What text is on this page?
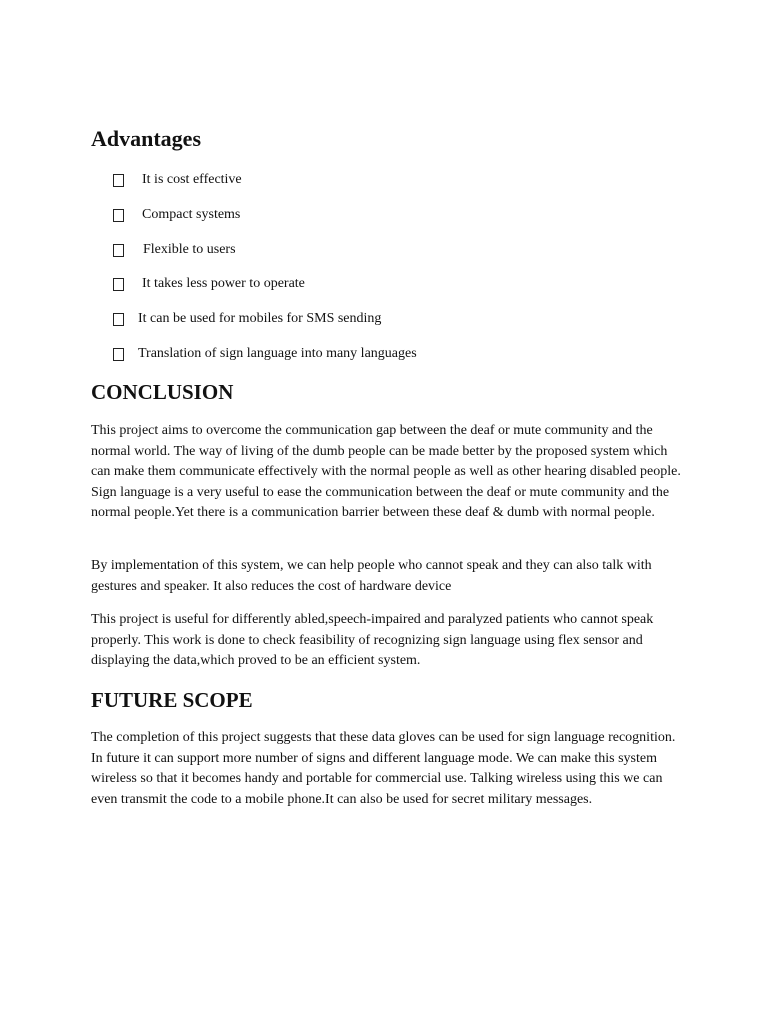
Advantages
It is cost effective
Compact systems
Flexible to users
It takes less power to operate
It can be used for mobiles for SMS sending
Translation of sign language into many languages
CONCLUSION

This project aims to overcome the communication gap between the deaf or mute community and the normal world. The way of living of the dumb people can be made better by the proposed system which can make them communicate effectively with the normal people as well as other hearing disabled people. Sign language is a very useful to ease the communication between the deaf or mute community and the normal people.Yet there is a communication barrier between these deaf & dumb with normal people.

By implementation of this system, we can help people who cannot speak and they can also talk with gestures and speaker. It also reduces the cost of hardware device

This project is useful for differently abled,speech-impaired and paralyzed patients who cannot speak properly. This work is done to check feasibility of recognizing sign language using flex sensor and displaying the data,which proved to be an efficient system.

FUTURE SCOPE

The completion of this project suggests that these data gloves can be used for sign language recognition. In future it can support more number of signs and different language mode. We can make this system wireless so that it becomes handy and portable for commercial use. Talking wireless using this we can even transmit the code to a mobile phone.It can also be used for secret military messages.
